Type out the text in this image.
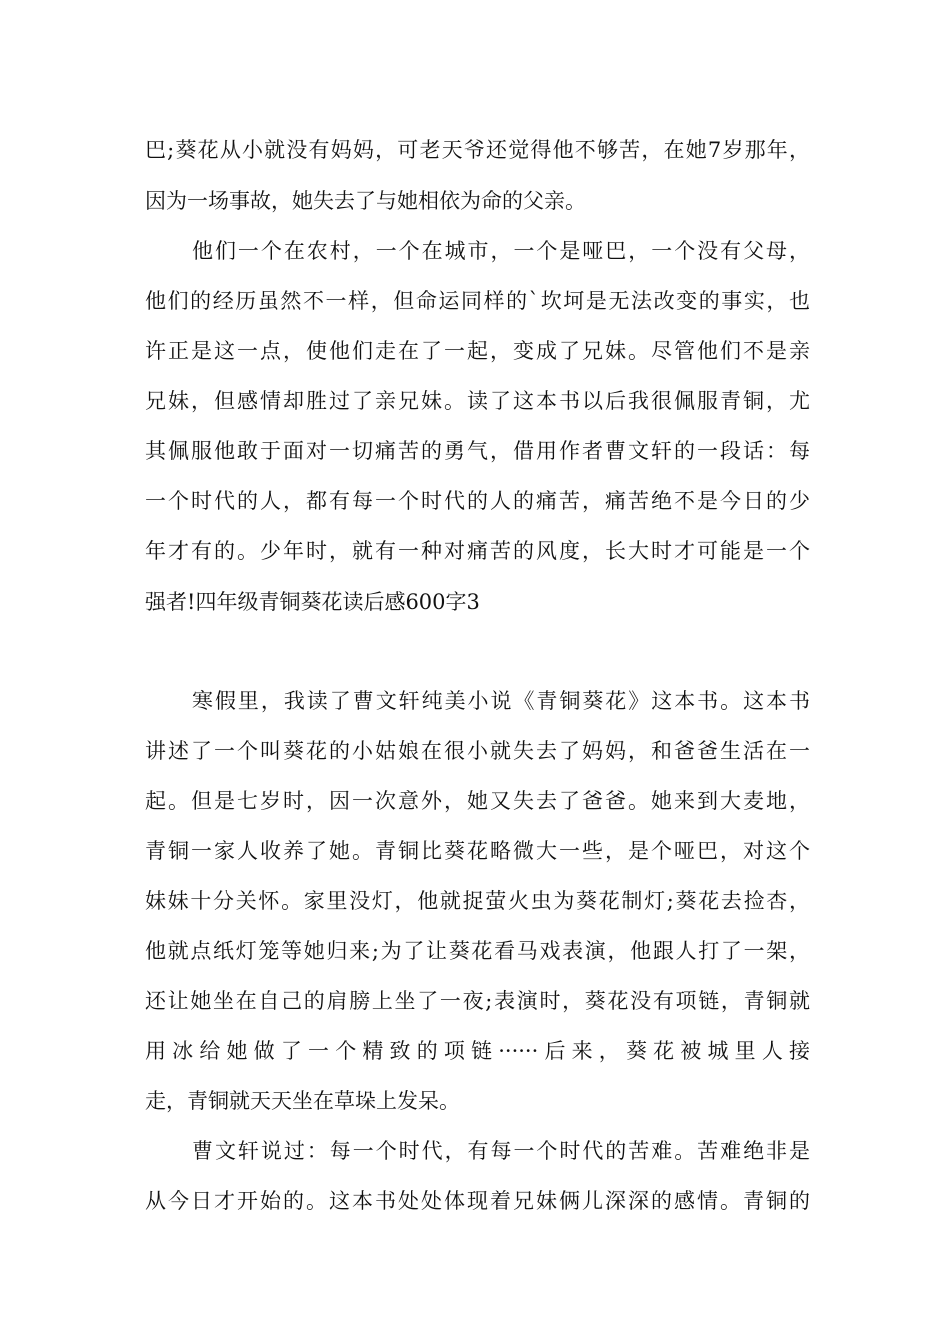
巴;葵花从小就没有妈妈，可老天爷还觉得他不够苦，在她7岁那年，
因为一场事故，她失去了与她相依为命的父亲。
他们一个在农村，一个在城市，一个是哑巴，一个没有父母，
他们的经历虽然不一样，但命运同样的`坎坷是无法改变的事实，也
许正是这一点，使他们走在了一起，变成了兄妹。尽管他们不是亲
兄妹，但感情却胜过了亲兄妹。读了这本书以后我很佩服青铜，尤
其佩服他敢于面对一切痛苦的勇气，借用作者曹文轩的一段话：每
一个时代的人，都有每一个时代的人的痛苦，痛苦绝不是今日的少
年才有的。少年时，就有一种对痛苦的风度，长大时才可能是一个
强者!四年级青铜葵花读后感600字3
寒假里，我读了曹文轩纯美小说《青铜葵花》这本书。这本书
讲述了一个叫葵花的小姑娘在很小就失去了妈妈，和爸爸生活在一
起。但是七岁时，因一次意外，她又失去了爸爸。她来到大麦地，
青铜一家人收养了她。青铜比葵花略微大一些，是个哑巴，对这个
妹妹十分关怀。家里没灯，他就捉萤火虫为葵花制灯;葵花去捡杏，
他就点纸灯笼等她归来;为了让葵花看马戏表演，他跟人打了一架，
还让她坐在自己的肩膀上坐了一夜;表演时，葵花没有项链，青铜就
用冰给她做了一个精致的项链······后来，葵花被城里人接
走，青铜就天天坐在草垛上发呆。
曹文轩说过：每一个时代，有每一个时代的苦难。苦难绝非是
从今日才开始的。这本书处处体现着兄妹俩儿深深的感情。青铜的
